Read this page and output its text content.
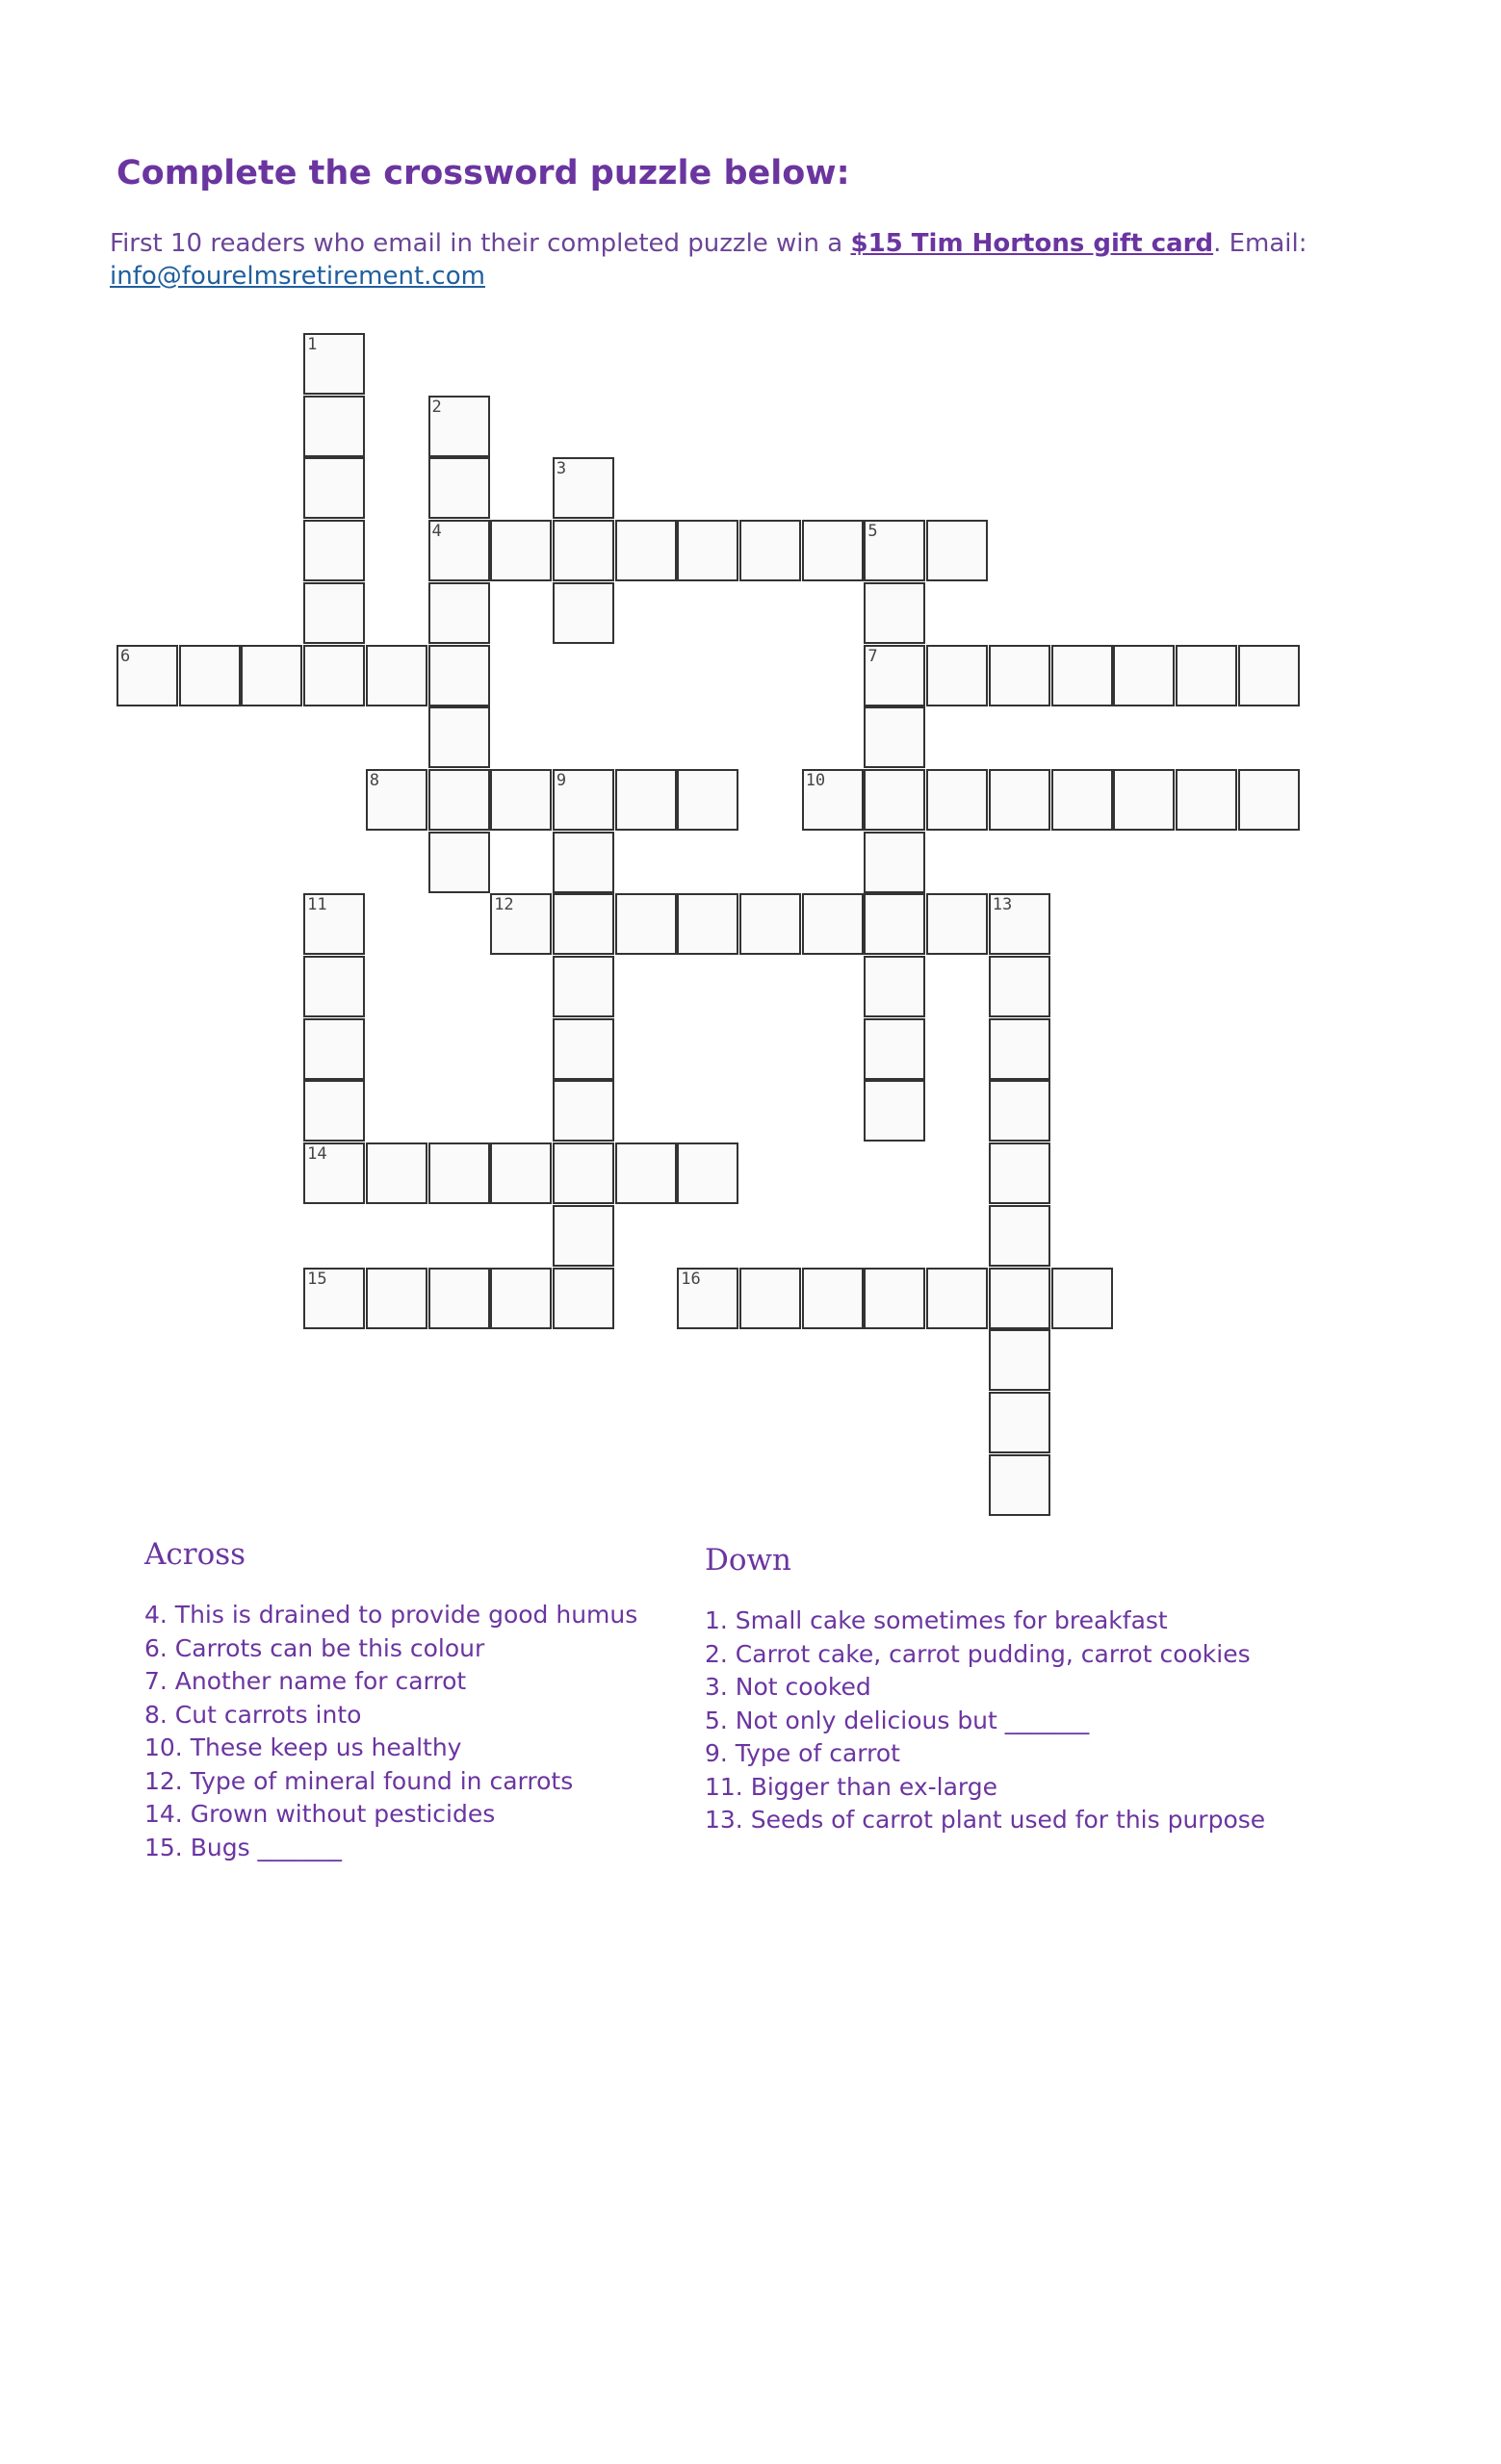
Complete the crossword puzzle below:
First 10 readers who email in their completed puzzle win a $15 Tim Hortons gift card. Email:
info@fourelmsretirement.com
1
2
4
3
5
7
6
8	9	10
11
14
12	13
15	16
Across
4. This is drained to provide good humus
6. Carrots can be this colour
7. Another name for carrot
8. Cut carrots into
10. These keep us healthy
12. Type of mineral found in carrots
14. Grown without pesticides
15. Bugs _______
Down
1. Small cake sometimes for breakfast
2. Carrot cake, carrot pudding, carrot cookies
3. Not cooked
5. Not only delicious but _______
9. Type of carrot
11. Bigger than ex-large
13. Seeds of carrot plant used for this purpose
